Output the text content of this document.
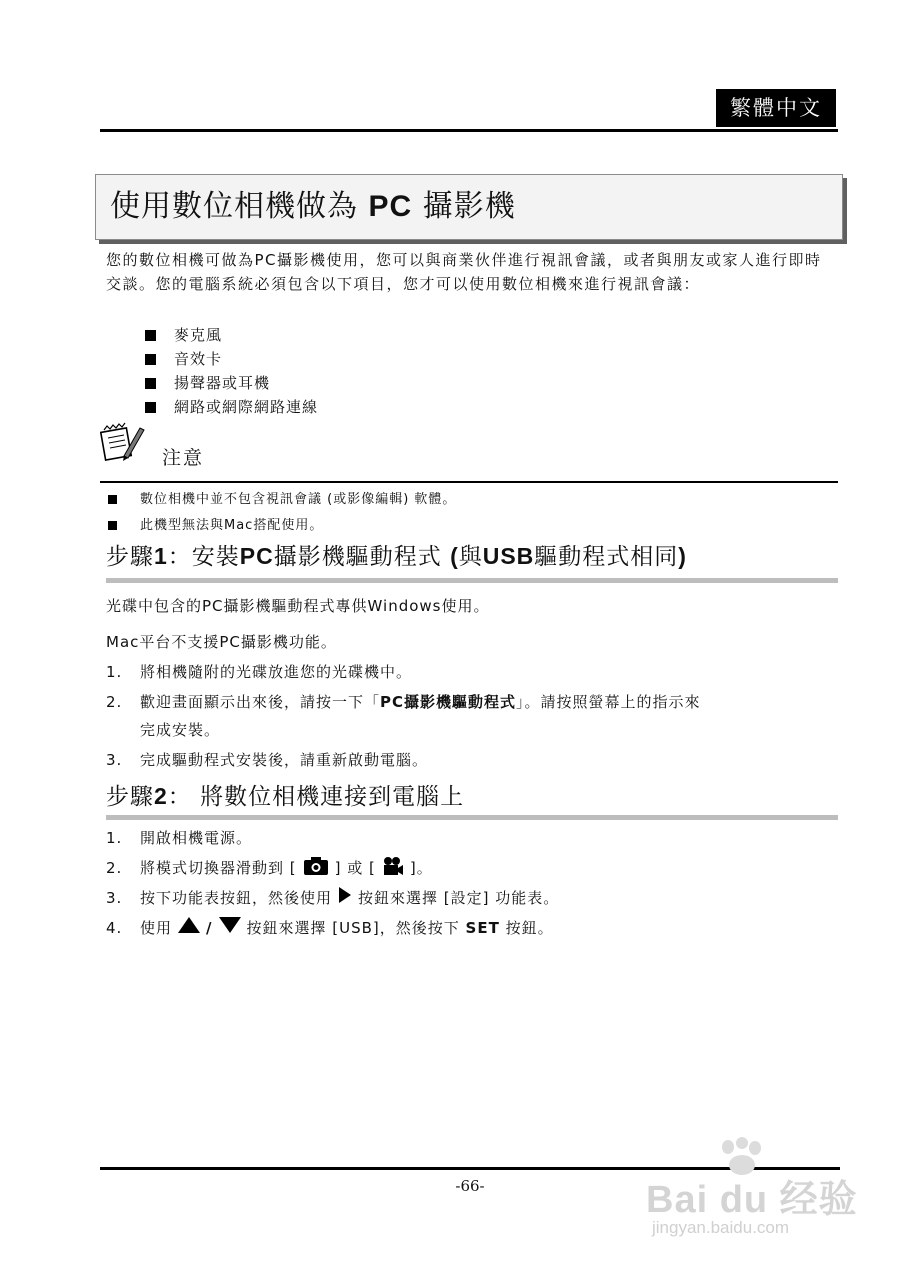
繁體中文
使用數位相機做為 PC 攝影機
您的數位相機可做為PC攝影機使用，您可以與商業伙伴進行視訊會議，或者與朋友或家人進行即時交談。您的電腦系統必須包含以下項目，您才可以使用數位相機來進行視訊會議：
麥克風
音效卡
揚聲器或耳機
網路或網際網路連線
注意
數位相機中並不包含視訊會議 (或影像編輯) 軟體。
此機型無法與Mac搭配使用。
步驟1：安裝PC攝影機驅動程式 (與USB驅動程式相同)
光碟中包含的PC攝影機驅動程式專供Windows使用。
Mac平台不支援PC攝影機功能。
1. 將相機隨附的光碟放進您的光碟機中。
2. 歡迎畫面顯示出來後，請按一下「PC攝影機驅動程式」。請按照螢幕上的指示來
完成安裝。
3. 完成驅動程式安裝後，請重新啟動電腦。
步驟2： 將數位相機連接到電腦上
1. 開啟相機電源。
2. 將模式切換器滑動到 [	] 或 [ ]。
3. 按下功能表按鈕，然後使用 按鈕來選擇 [設定] 功能表。
4. 使用 / 按鈕來選擇 [USB]，然後按下 SET 按鈕。
-66-	Bai du 经验
jingyan.baidu.com
